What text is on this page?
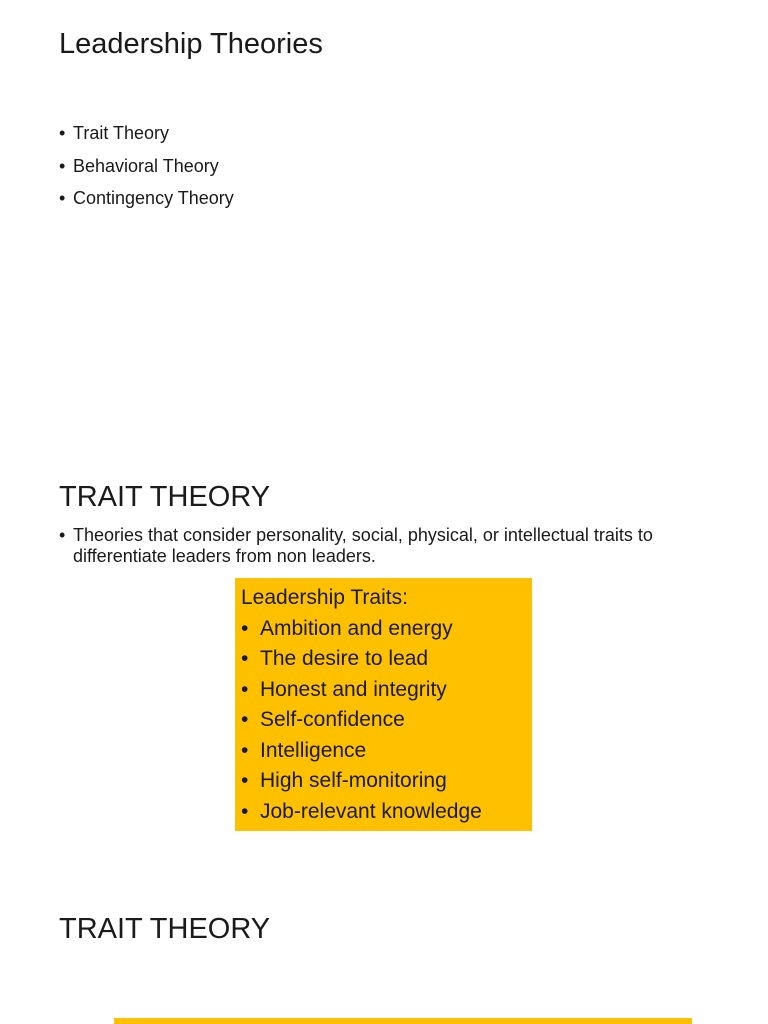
Leadership Theories
• Trait Theory
• Behavioral Theory
• Contingency Theory
TRAIT THEORY

• Theories that consider personality, social, physical, or intellectual traits to differentiate leaders from non leaders.

Leadership Traits:
• Ambition and energy
• The desire to lead
• Honest and integrity
• Self-confidence
• Intelligence
• High self-monitoring
• Job-relevant knowledge
TRAIT THEORY
